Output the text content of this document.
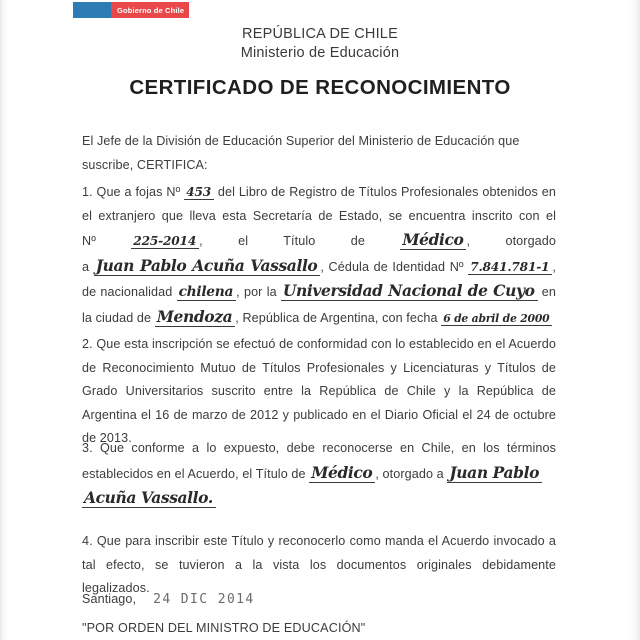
Gobierno de Chile
REPÚBLICA DE CHILE
Ministerio de Educación
CERTIFICADO DE RECONOCIMIENTO

El Jefe de la División de Educación Superior del Ministerio de Educación que suscribe, CERTIFICA:

1. Que a fojas Nº 453 del Libro de Registro de Títulos Profesionales obtenidos en el extranjero que lleva esta Secretaría de Estado, se encuentra inscrito con el Nº	225-2014 , el Título de Médico , otorgado a Juan Pablo Acuña Vassallo , Cédula de Identidad Nº 7.841.781-1 , de nacionalidad chilena , por la Universidad Nacional de Cuyo en la ciudad de Mendoza , República de Argentina, con fecha 6 de abril de 2000

2. Que esta inscripción se efectuó de conformidad con lo establecido en el Acuerdo de Reconocimiento Mutuo de Títulos Profesionales y Licenciaturas y Títulos de Grado Universitarios suscrito entre la República de Chile y la República de Argentina el 16 de marzo de 2012 y publicado en el Diario Oficial el 24 de octubre de 2013.

3. Que conforme a lo expuesto, debe reconocerse en Chile, en los términos establecidos en el Acuerdo, el Título de Médico , otorgado a Juan Pablo
Acuña Vassallo.

4. Que para inscribir este Título y reconocerlo como manda el Acuerdo invocado a tal efecto, se tuvieron a la vista los documentos originales debidamente legalizados.

Santiago, 24 DIC 2014
"POR ORDEN DEL MINISTRO DE EDUCACIÓN"
